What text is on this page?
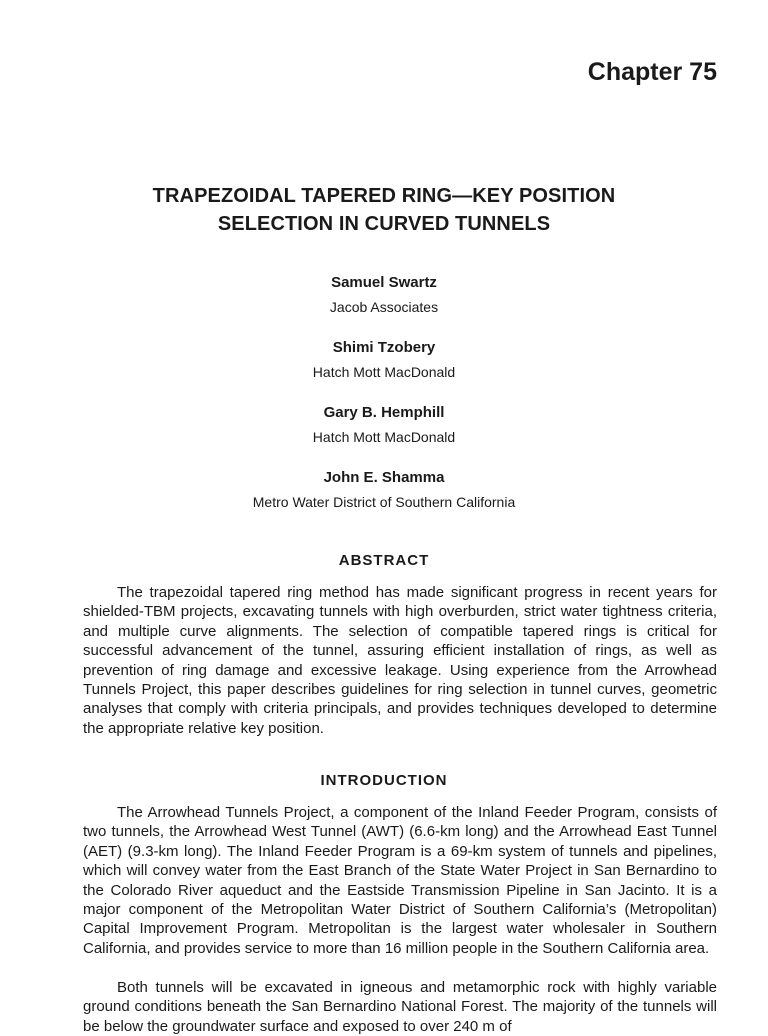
Chapter 75
TRAPEZOIDAL TAPERED RING—KEY POSITION
SELECTION IN CURVED TUNNELS
Samuel Swartz
Jacob Associates
Shimi Tzobery
Hatch Mott MacDonald
Gary B. Hemphill
Hatch Mott MacDonald
John E. Shamma
Metro Water District of Southern California
ABSTRACT

The trapezoidal tapered ring method has made significant progress in recent years for shielded-TBM projects, excavating tunnels with high overburden, strict water tightness criteria, and multiple curve alignments. The selection of compatible tapered rings is critical for successful advancement of the tunnel, assuring efficient installation of rings, as well as prevention of ring damage and excessive leakage. Using experience from the Arrowhead Tunnels Project, this paper describes guidelines for ring selection in tunnel curves, geometric analyses that comply with criteria principals, and provides techniques developed to determine the appropriate relative key position.

INTRODUCTION

The Arrowhead Tunnels Project, a component of the Inland Feeder Program, consists of two tunnels, the Arrowhead West Tunnel (AWT) (6.6-km long) and the Arrowhead East Tunnel (AET) (9.3-km long). The Inland Feeder Program is a 69-km system of tunnels and pipelines, which will convey water from the East Branch of the State Water Project in San Bernardino to the Colorado River aqueduct and the Eastside Transmission Pipeline in San Jacinto. It is a major component of the Metropolitan Water District of Southern California’s (Metropolitan) Capital Improvement Program. Metropolitan is the largest water wholesaler in Southern California, and provides service to more than 16 million people in the Southern California area.

Both tunnels will be excavated in igneous and metamorphic rock with highly variable ground conditions beneath the San Bernardino National Forest. The majority of the tunnels will be below the groundwater surface and exposed to over 240 m of
